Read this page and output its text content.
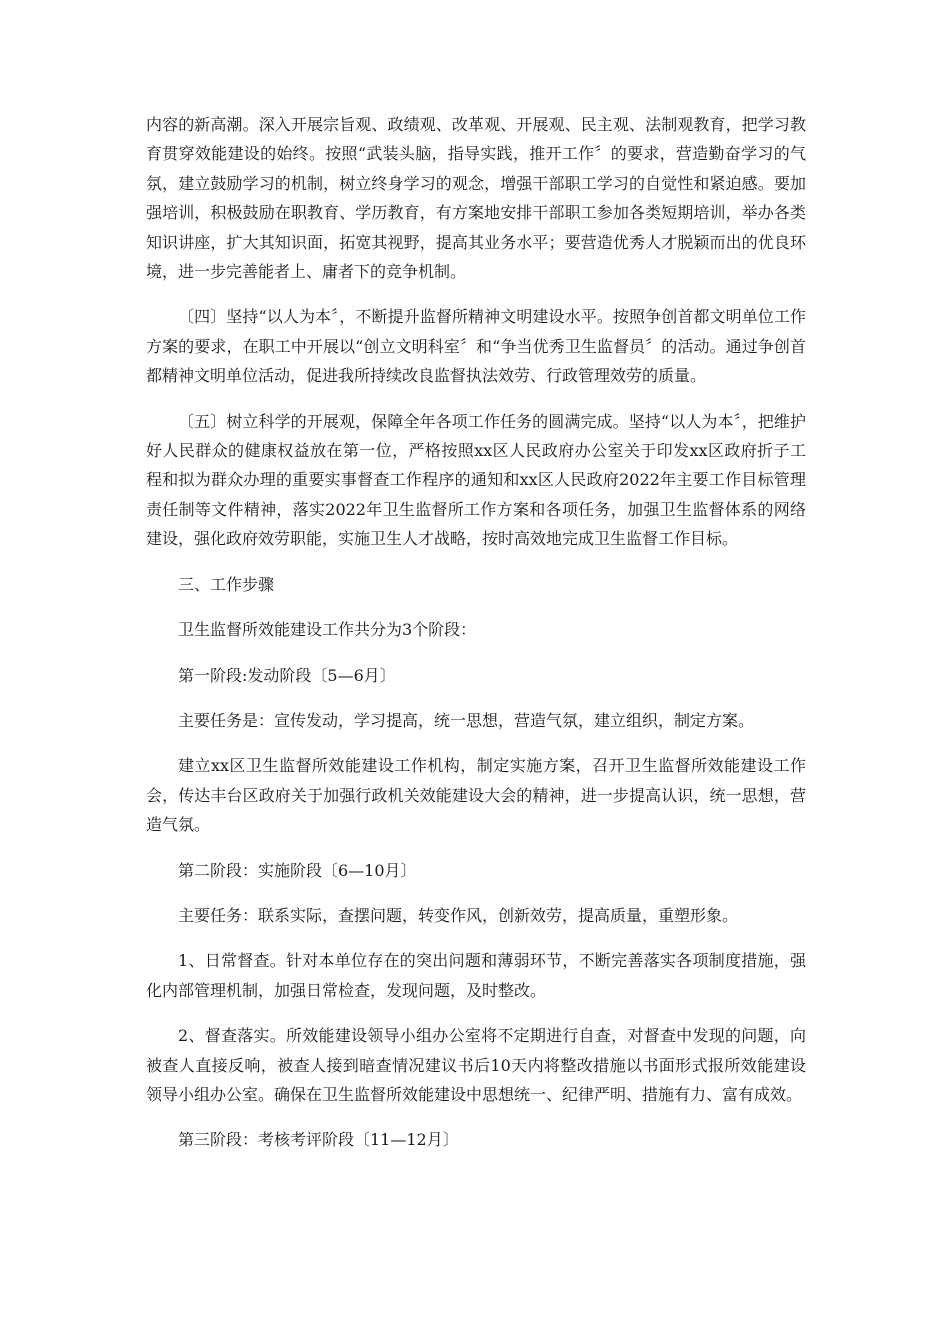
内容的新高潮。深入开展宗旨观、政绩观、改革观、开展观、民主观、法制观教育，把学习教育贯穿效能建设的始终。按照“武装头脑，指导实践，推开工作〞的要求，营造勤奋学习的气氛，建立鼓励学习的机制，树立终身学习的观念，增强干部职工学习的自觉性和紧迫感。要加强培训，积极鼓励在职教育、学历教育，有方案地安排干部职工参加各类短期培训，举办各类知识讲座，扩大其知识面，拓宽其视野，提高其业务水平；要营造优秀人才脱颖而出的优良环境，进一步完善能者上、庸者下的竞争机制。

〔四〕坚持“以人为本〞，不断提升监督所精神文明建设水平。按照争创首都文明单位工作方案的要求，在职工中开展以“创立文明科室〞和“争当优秀卫生监督员〞的活动。通过争创首都精神文明单位活动，促进我所持续改良监督执法效劳、行政管理效劳的质量。

〔五〕树立科学的开展观，保障全年各项工作任务的圆满完成。坚持“以人为本〞，把维护好人民群众的健康权益放在第一位，严格按照xx区人民政府办公室关于印发xx区政府折子工程和拟为群众办理的重要实事督查工作程序的通知和xx区人民政府2022年主要工作目标管理责任制等文件精神，落实2022年卫生监督所工作方案和各项任务，加强卫生监督体系的网络建设，强化政府效劳职能，实施卫生人才战略，按时高效地完成卫生监督工作目标。

三、工作步骤

卫生监督所效能建设工作共分为3个阶段：

第一阶段:发动阶段〔5—6月〕

主要任务是：宣传发动，学习提高，统一思想，营造气氛，建立组织，制定方案。

建立xx区卫生监督所效能建设工作机构，制定实施方案，召开卫生监督所效能建设工作会，传达丰台区政府关于加强行政机关效能建设大会的精神，进一步提高认识，统一思想，营造气氛。

第二阶段：实施阶段〔6—10月〕

主要任务：联系实际，查摆问题，转变作风，创新效劳，提高质量，重塑形象。

1、日常督查。针对本单位存在的突出问题和薄弱环节，不断完善落实各项制度措施，强化内部管理机制，加强日常检查，发现问题，及时整改。

2、督查落实。所效能建设领导小组办公室将不定期进行自查，对督查中发现的问题，向被查人直接反响，被查人接到暗查情况建议书后10天内将整改措施以书面形式报所效能建设领导小组办公室。确保在卫生监督所效能建设中思想统一、纪律严明、措施有力、富有成效。

第三阶段：考核考评阶段〔11—12月〕
